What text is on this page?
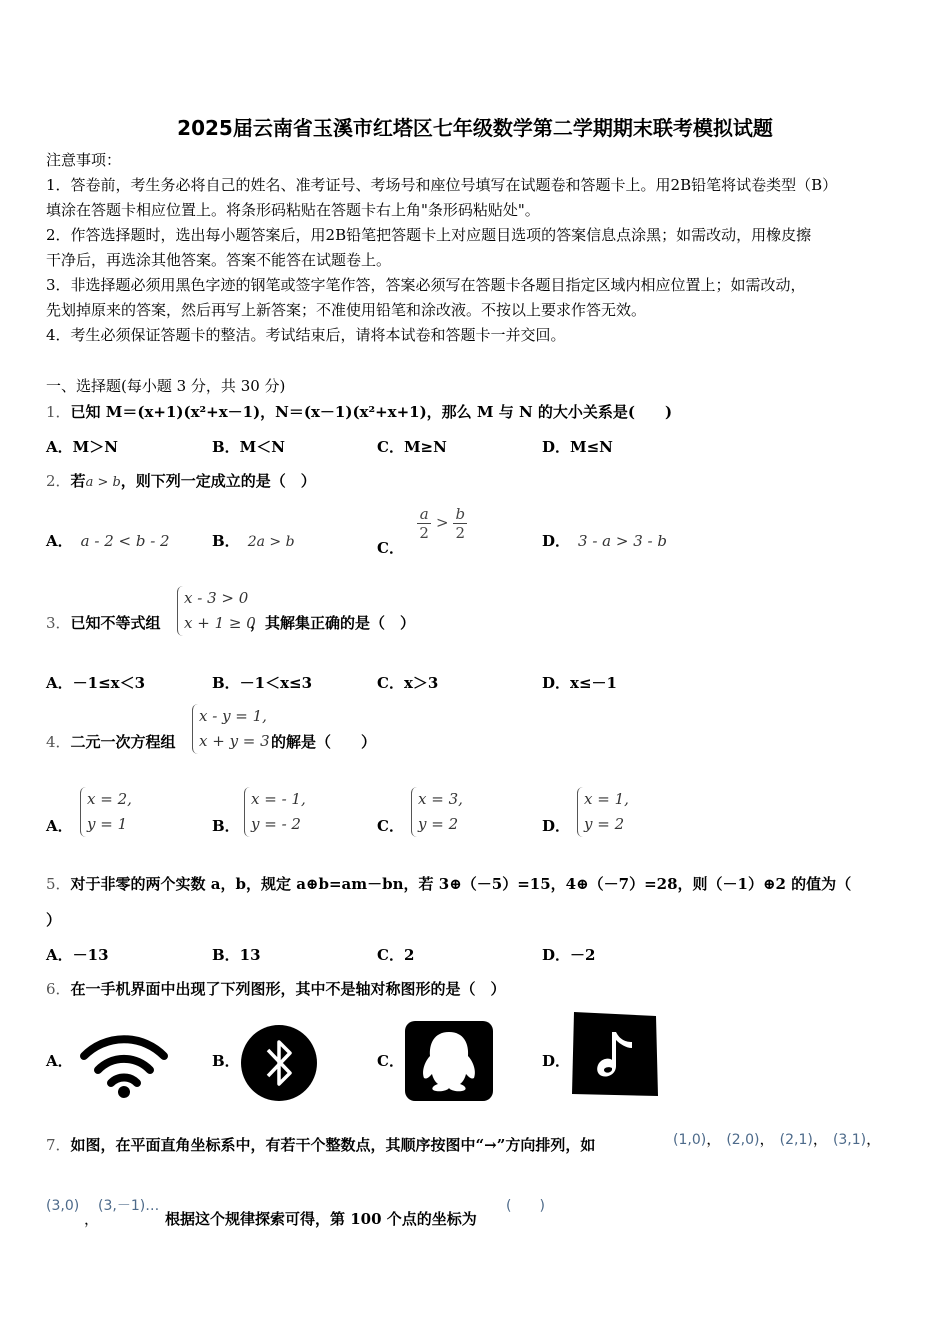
2025届云南省玉溪市红塔区七年级数学第二学期期末联考模拟试题
注意事项：
1．答卷前，考生务必将自己的姓名、准考证号、考场号和座位号填写在试题卷和答题卡上。用2B铅笔将试卷类型（B）
填涂在答题卡相应位置上。将条形码粘贴在答题卡右上角"条形码粘贴处"。
2．作答选择题时，选出每小题答案后，用2B铅笔把答题卡上对应题目选项的答案信息点涂黑；如需改动，用橡皮擦
干净后，再选涂其他答案。答案不能答在试题卷上。
3．非选择题必须用黑色字迹的钢笔或签字笔作答，答案必须写在答题卡各题目指定区域内相应位置上；如需改动，
先划掉原来的答案，然后再写上新答案；不准使用铅笔和涂改液。不按以上要求作答无效。
4．考生必须保证答题卡的整洁。考试结束后，请将本试卷和答题卡一并交回。
一、选择题(每小题 3 分，共 30 分)
1．已知 M＝(x+1)(x²+x－1)，N＝(x－1)(x²+x+1)，那么 M 与 N 的大小关系是(　　)
A．M＞N	B．M＜N	C．M≥N	D．M≤N
2．若a > b，则下列一定成立的是（　）
A． a - 2 < b - 2	B． 2a > b	C．
$\frac{a}{2} > \frac{b}{2}$	D． 3 - a > 3 - b
3．已知不等式组
x - 3 > 0
x + 1 ≥ 0
，其解集正确的是（　）
A．－1≤x＜3	B．－1＜x≤3	C．x＞3	D．x≤－1
4．二元一次方程组
x - y = 1,
x + y = 3 的解是（　　）
A．
x = 2,
y = 1	B．
x = - 1,
y = - 2	C．
x = 3,
y = 2	D．
x = 1,
y = 2
5．对于非零的两个实数 a，b，规定 a⊕b=am－bn，若 3⊕（－5）=15，4⊕（－7）=28，则（－1）⊕2 的值为（
）
A．－13	B．13	C．2	D．－2
6．在一手机界面中出现了下列图形，其中不是轴对称图形的是（　）
A．	B．	C．	D．
7．如图，在平面直角坐标系中，有若干个整数点，其顺序按图中“→”方向排列，如	(1,0)， (2,0)， (2,1)， (3,1)，
(3,0)
，
(3,－1)…
根据这个规律探索可得，第 100 个点的坐标为
(　　)
